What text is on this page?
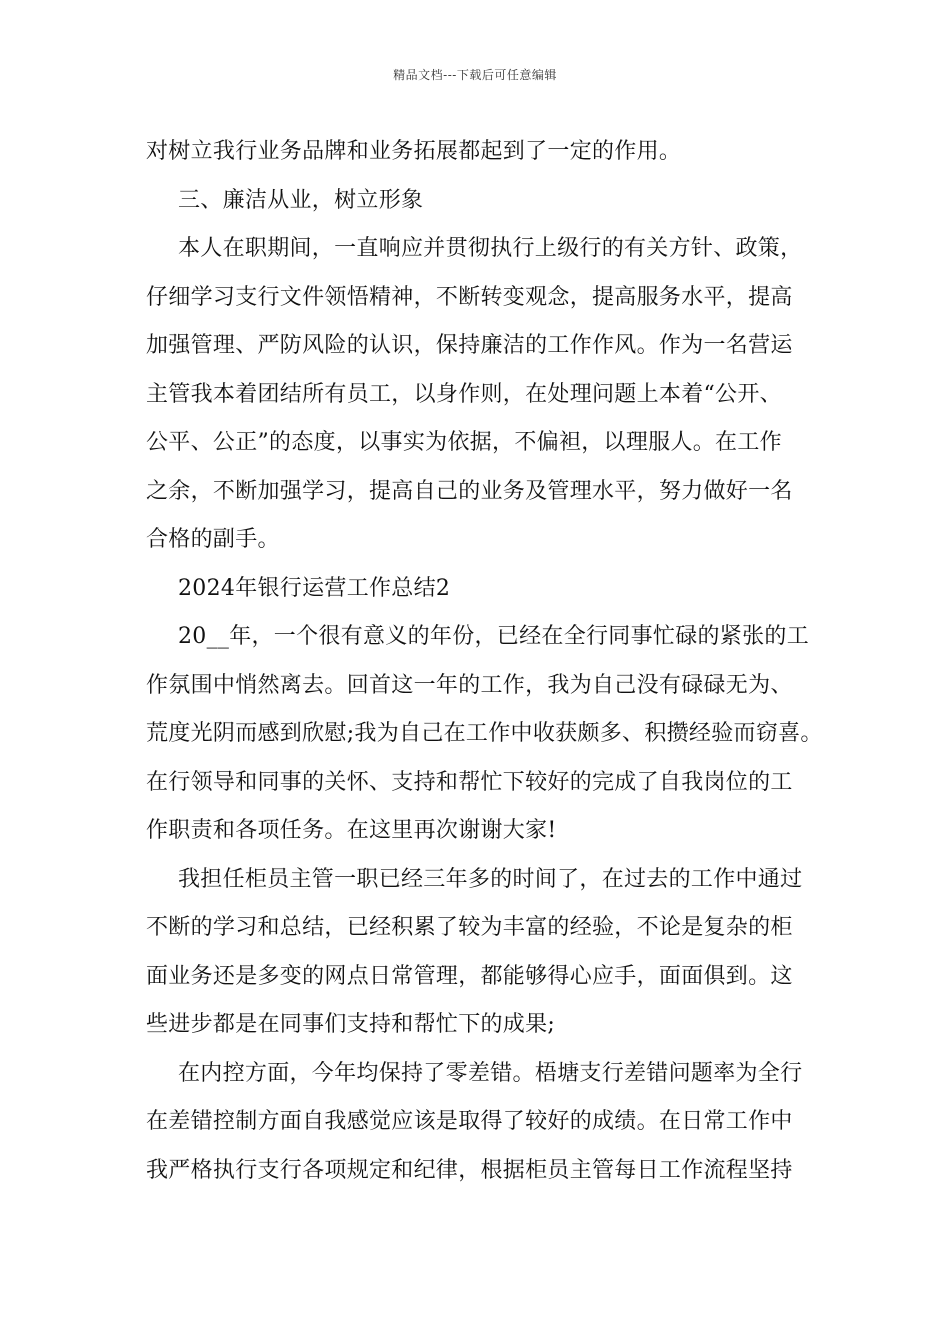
精品文档---下载后可任意编辑
对树立我行业务品牌和业务拓展都起到了一定的作用。
三、廉洁从业，树立形象
本人在职期间，一直响应并贯彻执行上级行的有关方针、政策，
仔细学习支行文件领悟精神，不断转变观念，提高服务水平，提高
加强管理、严防风险的认识，保持廉洁的工作作风。作为一名营运
主管我本着团结所有员工，以身作则，在处理问题上本着“公开、
公平、公正”的态度，以事实为依据，不偏袒，以理服人。在工作
之余，不断加强学习，提高自己的业务及管理水平，努力做好一名
合格的副手。
2024年银行运营工作总结2
20__年，一个很有意义的年份，已经在全行同事忙碌的紧张的工
作氛围中悄然离去。回首这一年的工作，我为自己没有碌碌无为、
荒度光阴而感到欣慰;我为自己在工作中收获颇多、积攒经验而窃喜。
在行领导和同事的关怀、支持和帮忙下较好的完成了自我岗位的工
作职责和各项任务。在这里再次谢谢大家!
我担任柜员主管一职已经三年多的时间了，在过去的工作中通过
不断的学习和总结，已经积累了较为丰富的经验，不论是复杂的柜
面业务还是多变的网点日常管理，都能够得心应手，面面俱到。这
些进步都是在同事们支持和帮忙下的成果;
在内控方面，今年均保持了零差错。梧塘支行差错问题率为全行
在差错控制方面自我感觉应该是取得了较好的成绩。在日常工作中
我严格执行支行各项规定和纪律，根据柜员主管每日工作流程坚持
